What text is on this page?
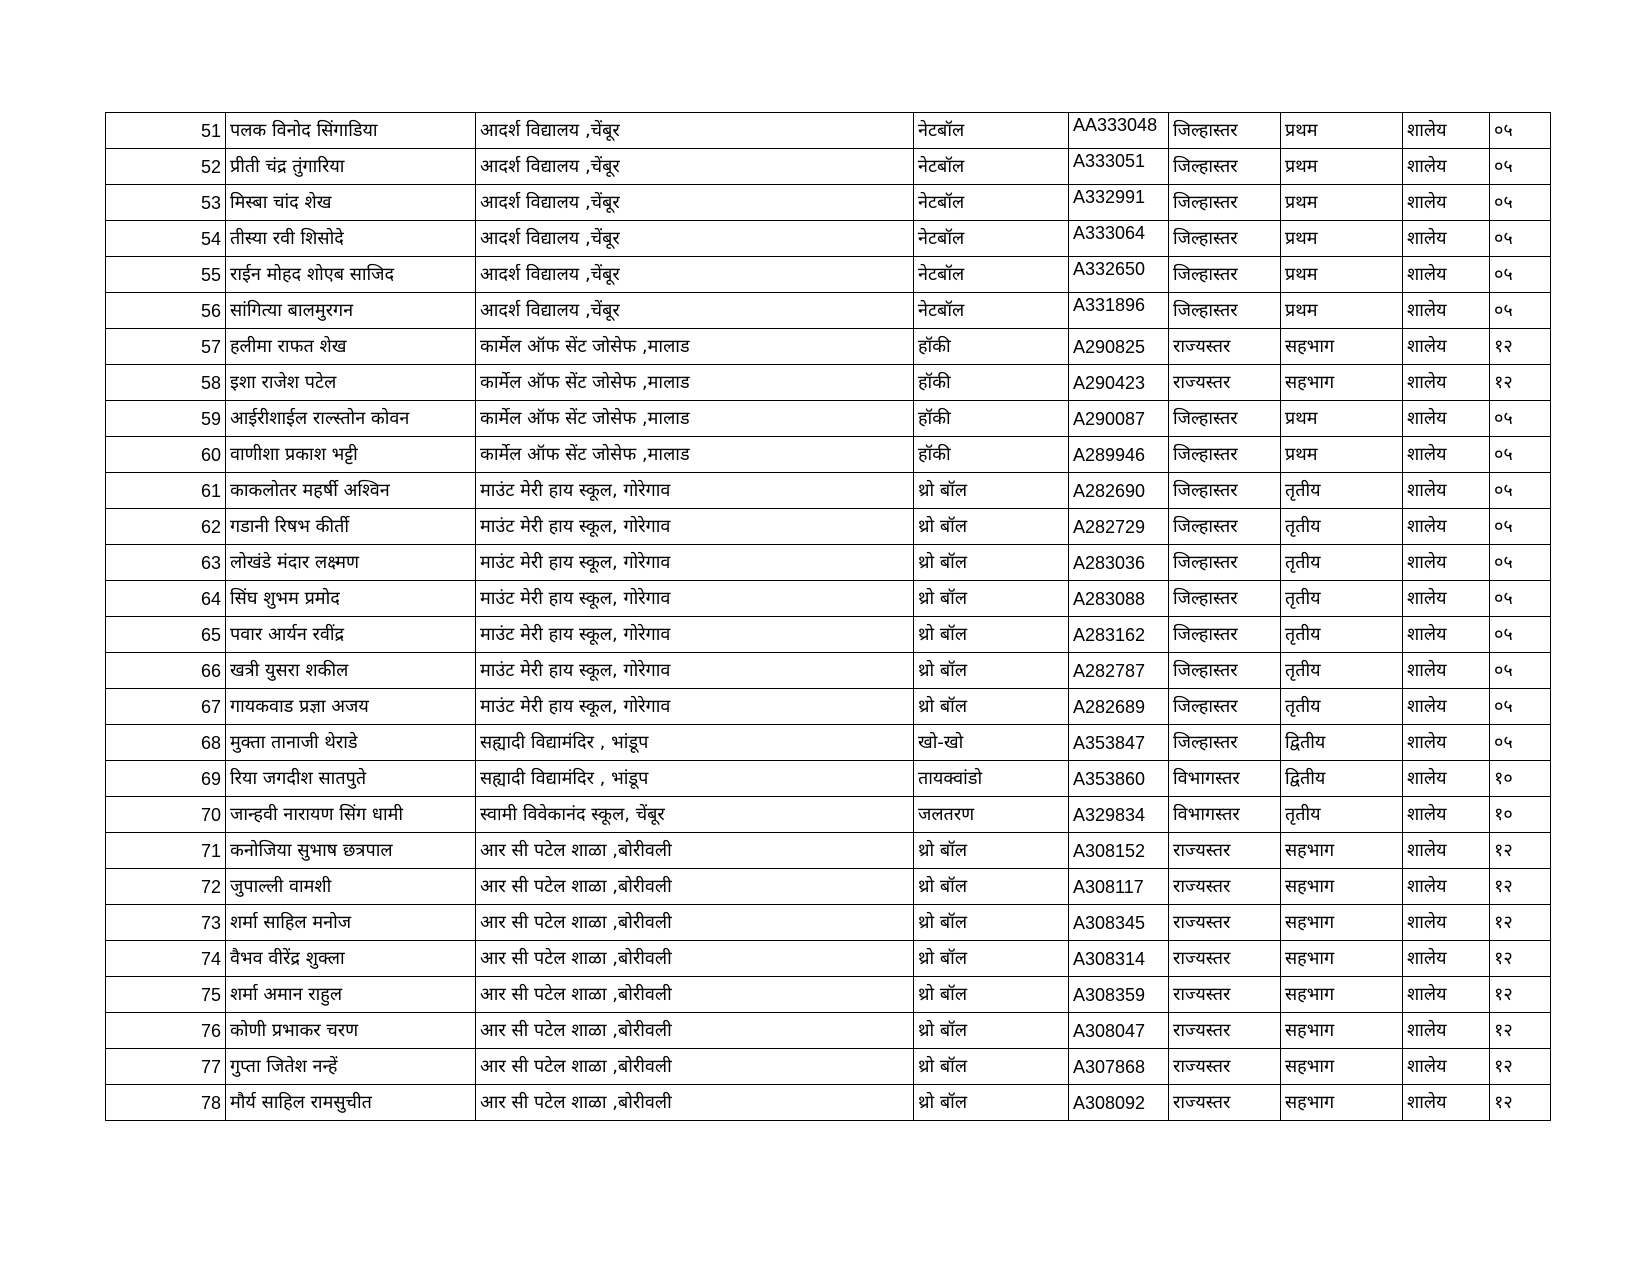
51	पलक विनोद सिंगाडिया	आदर्श विद्यालय ,चेंबूर	नेटबॉल	AA333048	जिल्हास्तर	प्रथम	शालेय	०५
52	प्रीती चंद्र तुंगारिया	आदर्श विद्यालय ,चेंबूर	नेटबॉल	A333051	जिल्हास्तर	प्रथम	शालेय	०५
53	मिस्बा चांद शेख	आदर्श विद्यालय ,चेंबूर	नेटबॉल	A332991	जिल्हास्तर	प्रथम	शालेय	०५
54	तीस्या रवी शिसोदे	आदर्श विद्यालय ,चेंबूर	नेटबॉल	A333064	जिल्हास्तर	प्रथम	शालेय	०५
55	राईन मोहद शोएब साजिद	आदर्श विद्यालय ,चेंबूर	नेटबॉल	A332650	जिल्हास्तर	प्रथम	शालेय	०५
56	सांगित्या बालमुरगन	आदर्श विद्यालय ,चेंबूर	नेटबॉल	A331896	जिल्हास्तर	प्रथम	शालेय	०५
57	हलीमा राफत शेख	कार्मेल ऑफ सेंट जोसेफ ,मालाड	हॉकी	A290825	राज्यस्तर	सहभाग	शालेय	१२
58	इशा राजेश पटेल	कार्मेल ऑफ सेंट जोसेफ ,मालाड	हॉकी	A290423	राज्यस्तर	सहभाग	शालेय	१२
59	आईरीशाईल राल्स्तोन कोवन	कार्मेल ऑफ सेंट जोसेफ ,मालाड	हॉकी	A290087	जिल्हास्तर	प्रथम	शालेय	०५
60	वाणीशा प्रकाश भट्टी	कार्मेल ऑफ सेंट जोसेफ ,मालाड	हॉकी	A289946	जिल्हास्तर	प्रथम	शालेय	०५
61	काकलोतर महर्षी अश्विन	माउंट मेरी हाय स्कूल, गोरेगाव	थ्रो बॉल	A282690	जिल्हास्तर	तृतीय	शालेय	०५
62	गडानी रिषभ कीर्ती	माउंट मेरी हाय स्कूल, गोरेगाव	थ्रो बॉल	A282729	जिल्हास्तर	तृतीय	शालेय	०५
63	लोखंडे मंदार लक्ष्मण	माउंट मेरी हाय स्कूल, गोरेगाव	थ्रो बॉल	A283036	जिल्हास्तर	तृतीय	शालेय	०५
64	सिंघ शुभम प्रमोद	माउंट मेरी हाय स्कूल, गोरेगाव	थ्रो बॉल	A283088	जिल्हास्तर	तृतीय	शालेय	०५
65	पवार आर्यन रवींद्र	माउंट मेरी हाय स्कूल, गोरेगाव	थ्रो बॉल	A283162	जिल्हास्तर	तृतीय	शालेय	०५
66	खत्री युसरा शकील	माउंट मेरी हाय स्कूल, गोरेगाव	थ्रो बॉल	A282787	जिल्हास्तर	तृतीय	शालेय	०५
67	गायकवाड प्रज्ञा अजय	माउंट मेरी हाय स्कूल, गोरेगाव	थ्रो बॉल	A282689	जिल्हास्तर	तृतीय	शालेय	०५
68	मुक्ता तानाजी थेराडे	सह्यादी विद्यामंदिर , भांडूप	खो-खो	A353847	जिल्हास्तर	द्वितीय	शालेय	०५
69	रिया जगदीश सातपुते	सह्यादी विद्यामंदिर , भांडूप	तायक्वांडो	A353860	विभागस्तर	द्वितीय	शालेय	१०
70	जान्हवी नारायण सिंग धामी	स्वामी विवेकानंद स्कूल, चेंबूर	जलतरण	A329834	विभागस्तर	तृतीय	शालेय	१०
71	कनोजिया सुभाष छत्रपाल	आर सी पटेल शाळा ,बोरीवली	थ्रो बॉल	A308152	राज्यस्तर	सहभाग	शालेय	१२
72	जुपाल्ली वामशी	आर सी पटेल शाळा ,बोरीवली	थ्रो बॉल	A308117	राज्यस्तर	सहभाग	शालेय	१२
73	शर्मा साहिल मनोज	आर सी पटेल शाळा ,बोरीवली	थ्रो बॉल	A308345	राज्यस्तर	सहभाग	शालेय	१२
74	वैभव वीरेंद्र शुक्ला	आर सी पटेल शाळा ,बोरीवली	थ्रो बॉल	A308314	राज्यस्तर	सहभाग	शालेय	१२
75	शर्मा अमान राहुल	आर सी पटेल शाळा ,बोरीवली	थ्रो बॉल	A308359	राज्यस्तर	सहभाग	शालेय	१२
76	कोणी प्रभाकर चरण	आर सी पटेल शाळा ,बोरीवली	थ्रो बॉल	A308047	राज्यस्तर	सहभाग	शालेय	१२
77	गुप्ता जितेश नन्हें	आर सी पटेल शाळा ,बोरीवली	थ्रो बॉल	A307868	राज्यस्तर	सहभाग	शालेय	१२
78	मौर्य साहिल रामसुचीत	आर सी पटेल शाळा ,बोरीवली	थ्रो बॉल	A308092	राज्यस्तर	सहभाग	शालेय	१२
